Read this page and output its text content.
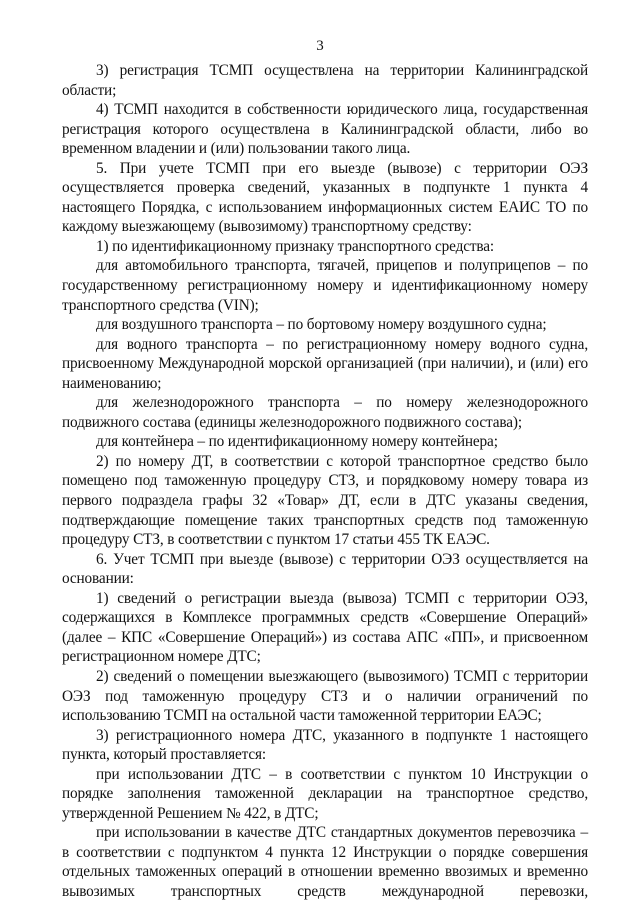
3

3) регистрация ТСМП осуществлена на территории Калининградской области;

4) ТСМП находится в собственности юридического лица, государственная регистрация которого осуществлена в Калининградской области, либо во временном владении и (или) пользовании такого лица.

5. При учете ТСМП при его выезде (вывозе) с территории ОЭЗ осуществляется проверка сведений, указанных в подпункте 1 пункта 4 настоящего Порядка, с использованием информационных систем ЕАИС ТО по каждому выезжающему (вывозимому) транспортному средству:

1) по идентификационному признаку транспортного средства:

для автомобильного транспорта, тягачей, прицепов и полуприцепов – по государственному регистрационному номеру и идентификационному номеру транспортного средства (VIN);

для воздушного транспорта – по бортовому номеру воздушного судна;

для водного транспорта – по регистрационному номеру водного судна, присвоенному Международной морской организацией (при наличии), и (или) его наименованию;

для железнодорожного транспорта – по номеру железнодорожного подвижного состава (единицы железнодорожного подвижного состава);

для контейнера – по идентификационному номеру контейнера;

2) по номеру ДТ, в соответствии с которой транспортное средство было помещено под таможенную процедуру СТЗ, и порядковому номеру товара из первого подраздела графы 32 «Товар» ДТ, если в ДТС указаны сведения, подтверждающие помещение таких транспортных средств под таможенную процедуру СТЗ, в соответствии с пунктом 17 статьи 455 ТК ЕАЭС.

6. Учет ТСМП при выезде (вывозе) с территории ОЭЗ осуществляется на основании:

1) сведений о регистрации выезда (вывоза) ТСМП с территории ОЭЗ, содержащихся в Комплексе программных средств «Совершение Операций» (далее – КПС «Совершение Операций») из состава АПС «ПП», и присвоенном регистрационном номере ДТС;

2) сведений о помещении выезжающего (вывозимого) ТСМП с территории ОЭЗ под таможенную процедуру СТЗ и о наличии ограничений по использованию ТСМП на остальной части таможенной территории ЕАЭС;

3) регистрационного номера ДТС, указанного в подпункте 1 настоящего пункта, который проставляется:

при использовании ДТС – в соответствии с пунктом 10 Инструкции о порядке заполнения таможенной декларации на транспортное средство, утвержденной Решением № 422, в ДТС;

при использовании в качестве ДТС стандартных документов перевозчика – в соответствии с подпунктом 4 пункта 12 Инструкции о порядке совершения отдельных таможенных операций в отношении временно ввозимых и временно вывозимых транспортных средств международной перевозки,
